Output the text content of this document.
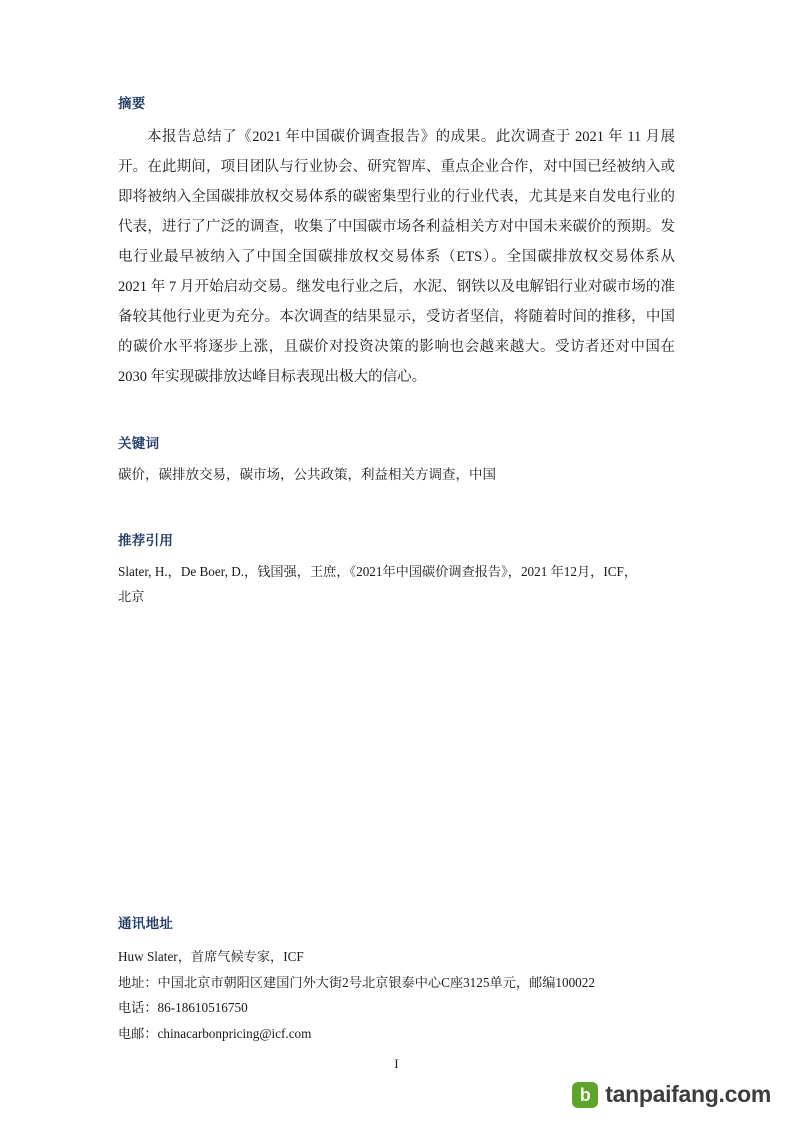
摘要

本报告总结了《2021 年中国碳价调查报告》的成果。此次调查于 2021 年 11 月展开。在此期间，项目团队与行业协会、研究智库、重点企业合作，对中国已经被纳入或即将被纳入全国碳排放权交易体系的碳密集型行业的行业代表，尤其是来自发电行业的代表，进行了广泛的调查，收集了中国碳市场各利益相关方对中国未来碳价的预期。发电行业最早被纳入了中国全国碳排放权交易体系（ETS）。全国碳排放权交易体系从 2021 年 7 月开始启动交易。继发电行业之后，水泥、钢铁以及电解铝行业对碳市场的准备较其他行业更为充分。本次调查的结果显示，受访者坚信，将随着时间的推移，中国的碳价水平将逐步上涨，且碳价对投资决策的影响也会越来越大。受访者还对中国在 2030 年实现碳排放达峰目标表现出极大的信心。

关键词

碳价，碳排放交易，碳市场，公共政策，利益相关方调查，中国

推荐引用

Slater, H.，De Boer, D.，钱国强，王庶，《2021年中国碳价调查报告》，2021 年12月，ICF，

北京

通讯地址

Huw Slater，首席气候专家，ICF

地址：中国北京市朝阳区建国门外大街2号北京银泰中心C座3125单元，邮编100022

电话：86-18610516750

电邮：chinacarbonpricing@icf.com

I
b tanpaifang.com
